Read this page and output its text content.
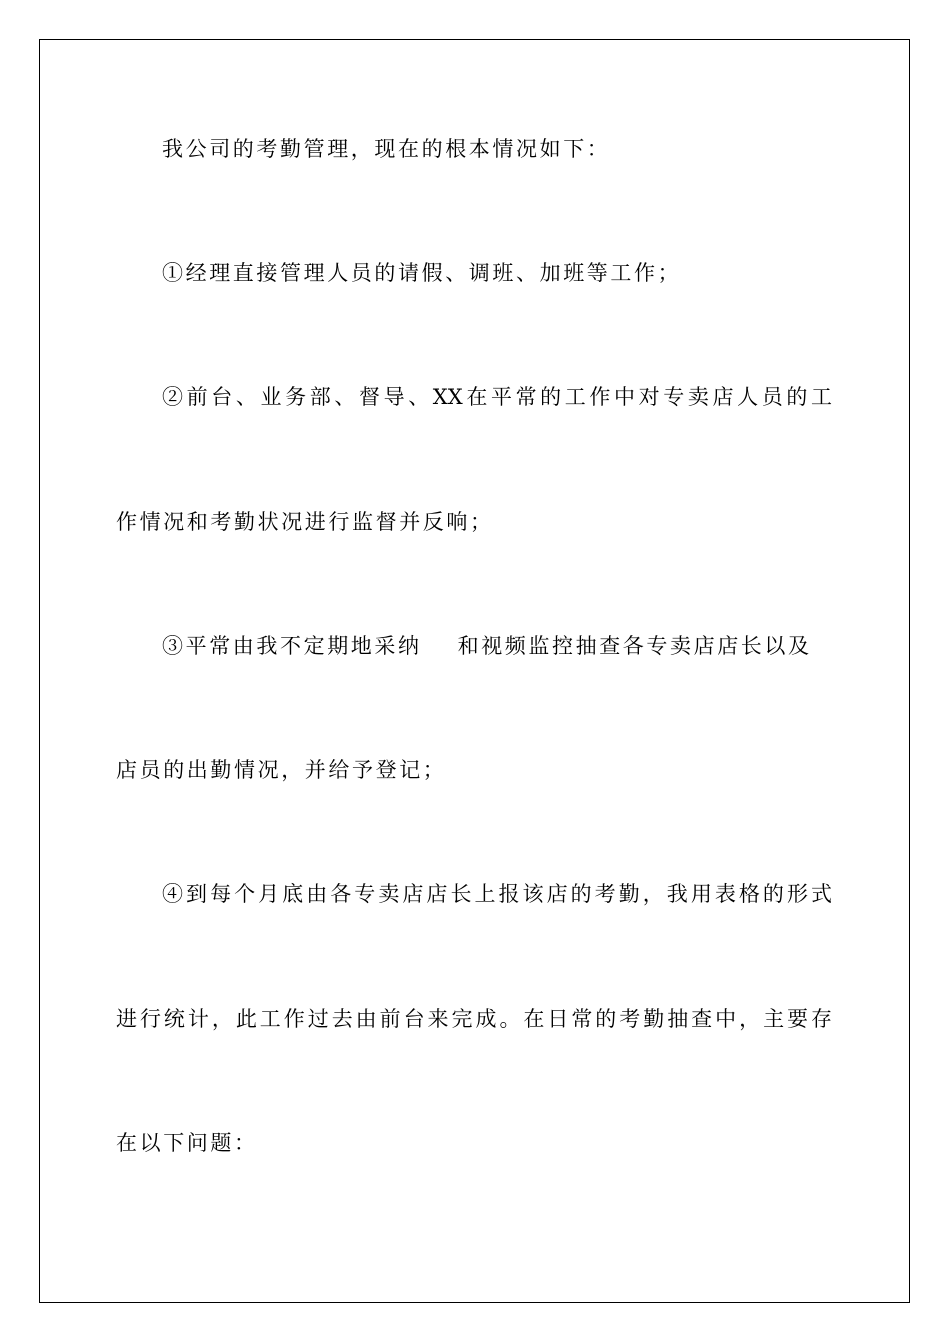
我公司的考勤管理，现在的根本情况如下：
①经理直接管理人员的请假、调班、加班等工作；
②前台、业务部、督导、XX在平常的工作中对专卖店人员的工
作情况和考勤状况进行监督并反响；
③平常由我不定期地采纳 和视频监控抽查各专卖店店长以及
店员的出勤情况，并给予登记；
④到每个月底由各专卖店店长上报该店的考勤，我用表格的形式
进行统计，此工作过去由前台来完成。在日常的考勤抽查中，主要存
在以下问题：
